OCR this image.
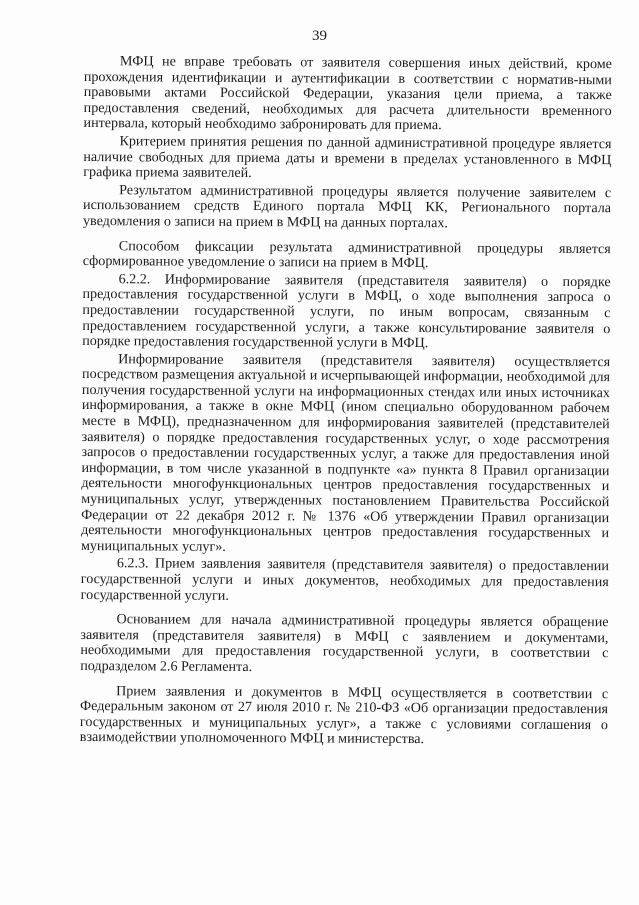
39

МФЦ не вправе требовать от заявителя совершения иных действий, кроме прохождения идентификации и аутентификации в соответствии с норматив-ными правовыми актами Российской Федерации, указания цели приема, а также предоставления сведений, необходимых для расчета длительности временного интервала, который необходимо забронировать для приема.

Критерием принятия решения по данной административной процедуре является наличие свободных для приема даты и времени в пределах установленного в МФЦ графика приема заявителей.

Результатом административной процедуры является получение заявителем с использованием средств Единого портала МФЦ КК, Регионального портала уведомления о записи на прием в МФЦ на данных порталах.

Способом фиксации результата административной процедуры является сформированное уведомление о записи на прием в МФЦ.

6.2.2. Информирование заявителя (представителя заявителя) о порядке предоставления государственной услуги в МФЦ, о ходе выполнения запроса о предоставлении государственной услуги, по иным вопросам, связанным с предоставлением государственной услуги, а также консультирование заявителя о порядке предоставления государственной услуги в МФЦ.

Информирование заявителя (представителя заявителя) осуществляется посредством размещения актуальной и исчерпывающей информации, необходимой для получения государственной услуги на информационных стендах или иных источниках информирования, а также в окне МФЦ (ином специально оборудованном рабочем месте в МФЦ), предназначенном для информирования заявителей (представителей заявителя) о порядке предоставления государственных услуг, о ходе рассмотрения запросов о предоставлении государственных услуг, а также для предоставления иной информации, в том числе указанной в подпункте «а» пункта 8 Правил организации деятельности многофункциональных центров предоставления государственных и муниципальных услуг, утвержденных постановлением Правительства Российской Федерации от 22 декабря 2012 г. № 1376 «Об утверждении Правил организации деятельности многофункциональных центров предоставления государственных и муниципальных услуг».

6.2.3. Прием заявления заявителя (представителя заявителя) о предоставлении государственной услуги и иных документов, необходимых для предоставления государственной услуги.

Основанием для начала административной процедуры является обращение заявителя (представителя заявителя) в МФЦ с заявлением и документами, необходимыми для предоставления государственной услуги, в соответствии с подразделом 2.6 Регламента.

Прием заявления и документов в МФЦ осуществляется в соответствии с Федеральным законом от 27 июля 2010 г. № 210-ФЗ «Об организации предоставления государственных и муниципальных услуг», а также с условиями соглашения о взаимодействии уполномоченного МФЦ и министерства.
